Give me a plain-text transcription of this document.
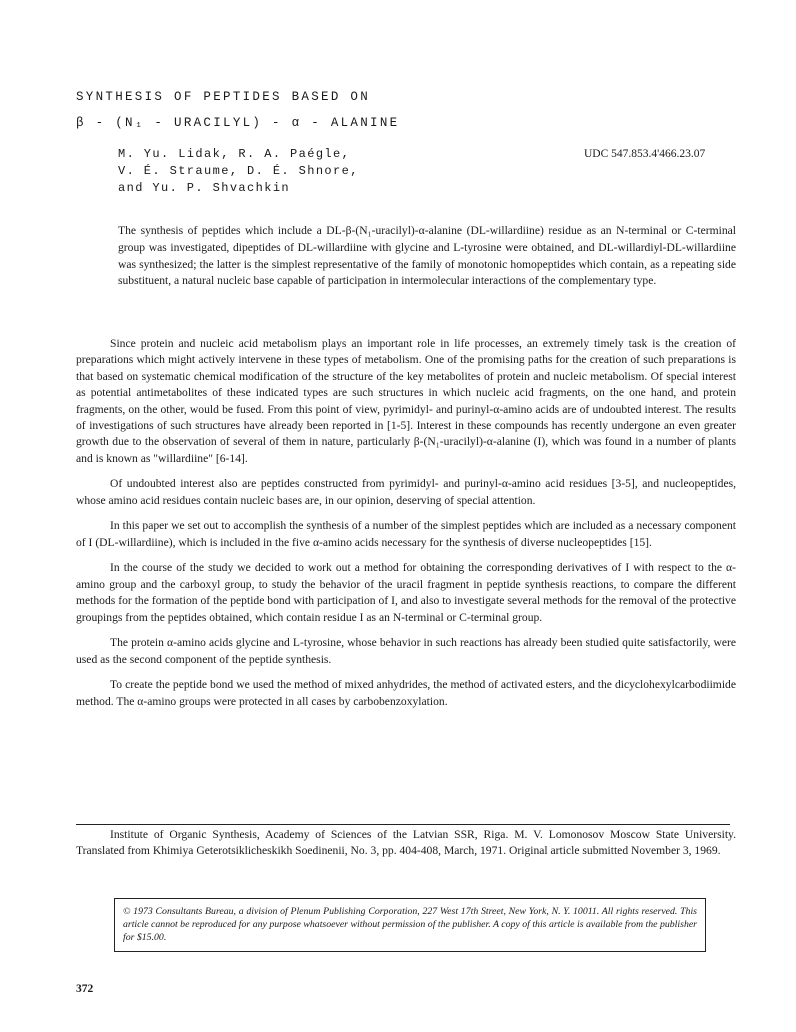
SYNTHESIS OF PEPTIDES BASED ON
β - (N₁ - URACILYL) - α - ALANINE
M. Yu. Lidak, R. A. Paégle,
V. É. Straume, D. É. Shnore,
and Yu. P. Shvachkin
UDC 547.853.4'466.23.07
The synthesis of peptides which include a DL-β-(N₁-uracilyl)-α-alanine (DL-willardiine) residue as an N-terminal or C-terminal group was investigated, dipeptides of DL-willardiine with glycine and L-tyrosine were obtained, and DL-willardiyl-DL-willardiine was synthesized; the latter is the simplest representative of the family of monotonic homopeptides which contain, as a repeating side substituent, a natural nucleic base capable of participation in intermolecular interactions of the complementary type.

Since protein and nucleic acid metabolism plays an important role in life processes, an extremely timely task is the creation of preparations which might actively intervene in these types of metabolism. One of the promising paths for the creation of such preparations is that based on systematic chemical modification of the structure of the key metabolites of protein and nucleic metabolism. Of special interest as potential antimetabolites of these indicated types are such structures in which nucleic acid fragments, on the one hand, and protein fragments, on the other, would be fused. From this point of view, pyrimidyl- and purinyl-α-amino acids are of undoubted interest. The results of investigations of such structures have already been reported in [1-5]. Interest in these compounds has recently undergone an even greater growth due to the observation of several of them in nature, particularly β-(N₁-uracilyl)-α-alanine (I), which was found in a number of plants and is known as "willardiine" [6-14].

Of undoubted interest also are peptides constructed from pyrimidyl- and purinyl-α-amino acid residues [3-5], and nucleopeptides, whose amino acid residues contain nucleic bases are, in our opinion, deserving of special attention.

In this paper we set out to accomplish the synthesis of a number of the simplest peptides which are included as a necessary component of I (DL-willardiine), which is included in the five α-amino acids necessary for the synthesis of diverse nucleopeptides [15].

In the course of the study we decided to work out a method for obtaining the corresponding derivatives of I with respect to the α-amino group and the carboxyl group, to study the behavior of the uracil fragment in peptide synthesis reactions, to compare the different methods for the formation of the peptide bond with participation of I, and also to investigate several methods for the removal of the protective groupings from the peptides obtained, which contain residue I as an N-terminal or C-terminal group.

The protein α-amino acids glycine and L-tyrosine, whose behavior in such reactions has already been studied quite satisfactorily, were used as the second component of the peptide synthesis.

To create the peptide bond we used the method of mixed anhydrides, the method of activated esters, and the dicyclohexylcarbodiimide method. The α-amino groups were protected in all cases by carbobenzoxylation.

Institute of Organic Synthesis, Academy of Sciences of the Latvian SSR, Riga. M. V. Lomonosov Moscow State University. Translated from Khimiya Geterotsiklicheskikh Soedinenii, No. 3, pp. 404-408, March, 1971. Original article submitted November 3, 1969.
© 1973 Consultants Bureau, a division of Plenum Publishing Corporation, 227 West 17th Street, New York, N. Y. 10011. All rights reserved. This article cannot be reproduced for any purpose whatsoever without permission of the publisher. A copy of this article is available from the publisher for $15.00.
372
